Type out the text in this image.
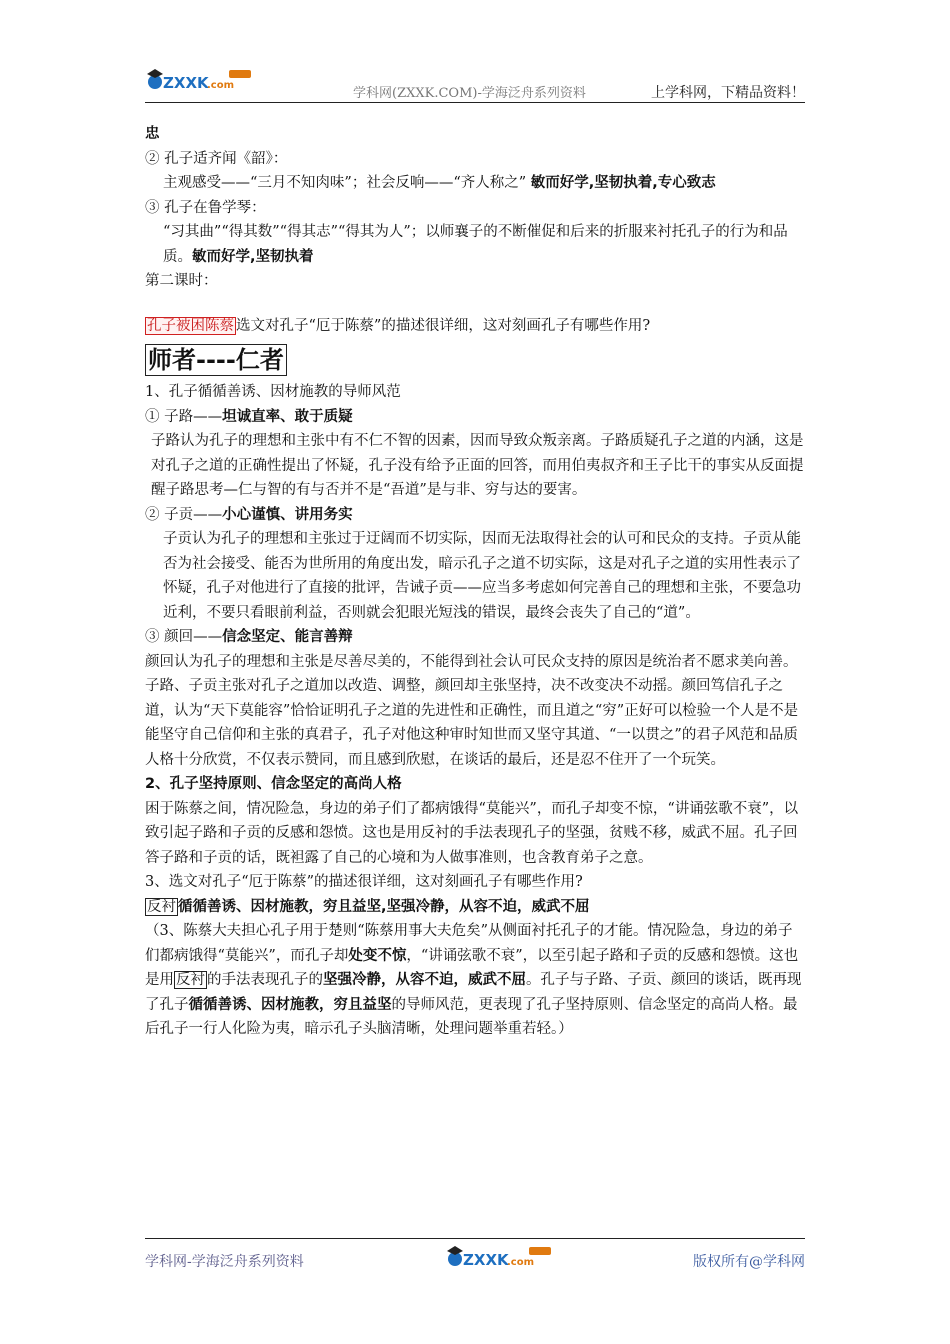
ZXXK
.com
学科网(ZXXK.COM)-学海泛舟系列资料	上学科网，下精品资料！

忠

② 孔子适齐闻《韶》：

主观感受——“三月不知肉味”；社会反响——“齐人称之” 敏而好学,坚韧执着,专心致志

③ 孔子在鲁学琴：

“习其曲”“得其数”“得其志”“得其为人”；以师襄子的不断催促和后来的折服来衬托孔子的行为和品质。敏而好学,坚韧执着

第二课时：

孔子被困陈蔡 选文对孔子“厄于陈蔡”的描述很详细，这对刻画孔子有哪些作用?

师者----仁者

1、孔子循循善诱、因材施教的导师风范

① 子路——坦诚直率、敢于质疑

子路认为孔子的理想和主张中有不仁不智的因素，因而导致众叛亲离。子路质疑孔子之道的内涵，这是对孔子之道的正确性提出了怀疑，孔子没有给予正面的回答，而用伯夷叔齐和王子比干的事实从反面提醒子路思考—仁与智的有与否并不是“吾道”是与非、穷与达的要害。

② 子贡——小心谨慎、讲用务实

子贡认为孔子的理想和主张过于迂阔而不切实际，因而无法取得社会的认可和民众的支持。子贡从能否为社会接受、能否为世所用的角度出发，暗示孔子之道不切实际，这是对孔子之道的实用性表示了怀疑，孔子对他进行了直接的批评，告诫子贡——应当多考虑如何完善自己的理想和主张，不要急功近利，不要只看眼前利益，否则就会犯眼光短浅的错误，最终会丧失了自己的“道”。

③ 颜回——信念坚定、能言善辩

颜回认为孔子的理想和主张是尽善尽美的，不能得到社会认可民众支持的原因是统治者不愿求美向善。子路、子贡主张对孔子之道加以改造、调整，颜回却主张坚持，决不改变决不动摇。颜回笃信孔子之道，认为“天下莫能容”恰恰证明孔子之道的先进性和正确性，而且道之“穷”正好可以检验一个人是不是能坚守自己信仰和主张的真君子，孔子对他这种审时知世而又坚守其道、“一以贯之”的君子风范和品质人格十分欣赏，不仅表示赞同，而且感到欣慰，在谈话的最后，还是忍不住开了一个玩笑。

2、孔子坚持原则、信念坚定的高尚人格

困于陈蔡之间，情况险急，身边的弟子们了都病饿得“莫能兴”，而孔子却变不惊，“讲诵弦歌不衰”，以致引起子路和子贡的反感和怨愤。这也是用反衬的手法表现孔子的坚强，贫贱不移，威武不屈。孔子回答子路和子贡的话，既袒露了自己的心境和为人做事准则，也含教育弟子之意。

3、选文对孔子“厄于陈蔡”的描述很详细，这对刻画孔子有哪些作用?

反衬 循循善诱、因材施教，穷且益坚,坚强冷静，从容不迫，威武不屈

（3、陈蔡大夫担心孔子用于楚则“陈蔡用事大夫危矣”从侧面衬托孔子的才能。情况险急，身边的弟子们都病饿得“莫能兴”，而孔子却处变不惊，“讲诵弦歌不衰”，以至引起子路和子贡的反感和怨愤。这也是用 反衬 的手法表现孔子的坚强冷静，从容不迫，威武不屈。孔子与子路、子贡、颜回的谈话，既再现了孔子循循善诱、因材施教，穷且益坚的导师风范，更表现了孔子坚持原则、信念坚定的高尚人格。最后孔子一行人化险为夷，暗示孔子头脑清晰，处理问题举重若轻。）

学科网-学海泛舟系列资料	ZXXK
.com	版权所有@学科网
